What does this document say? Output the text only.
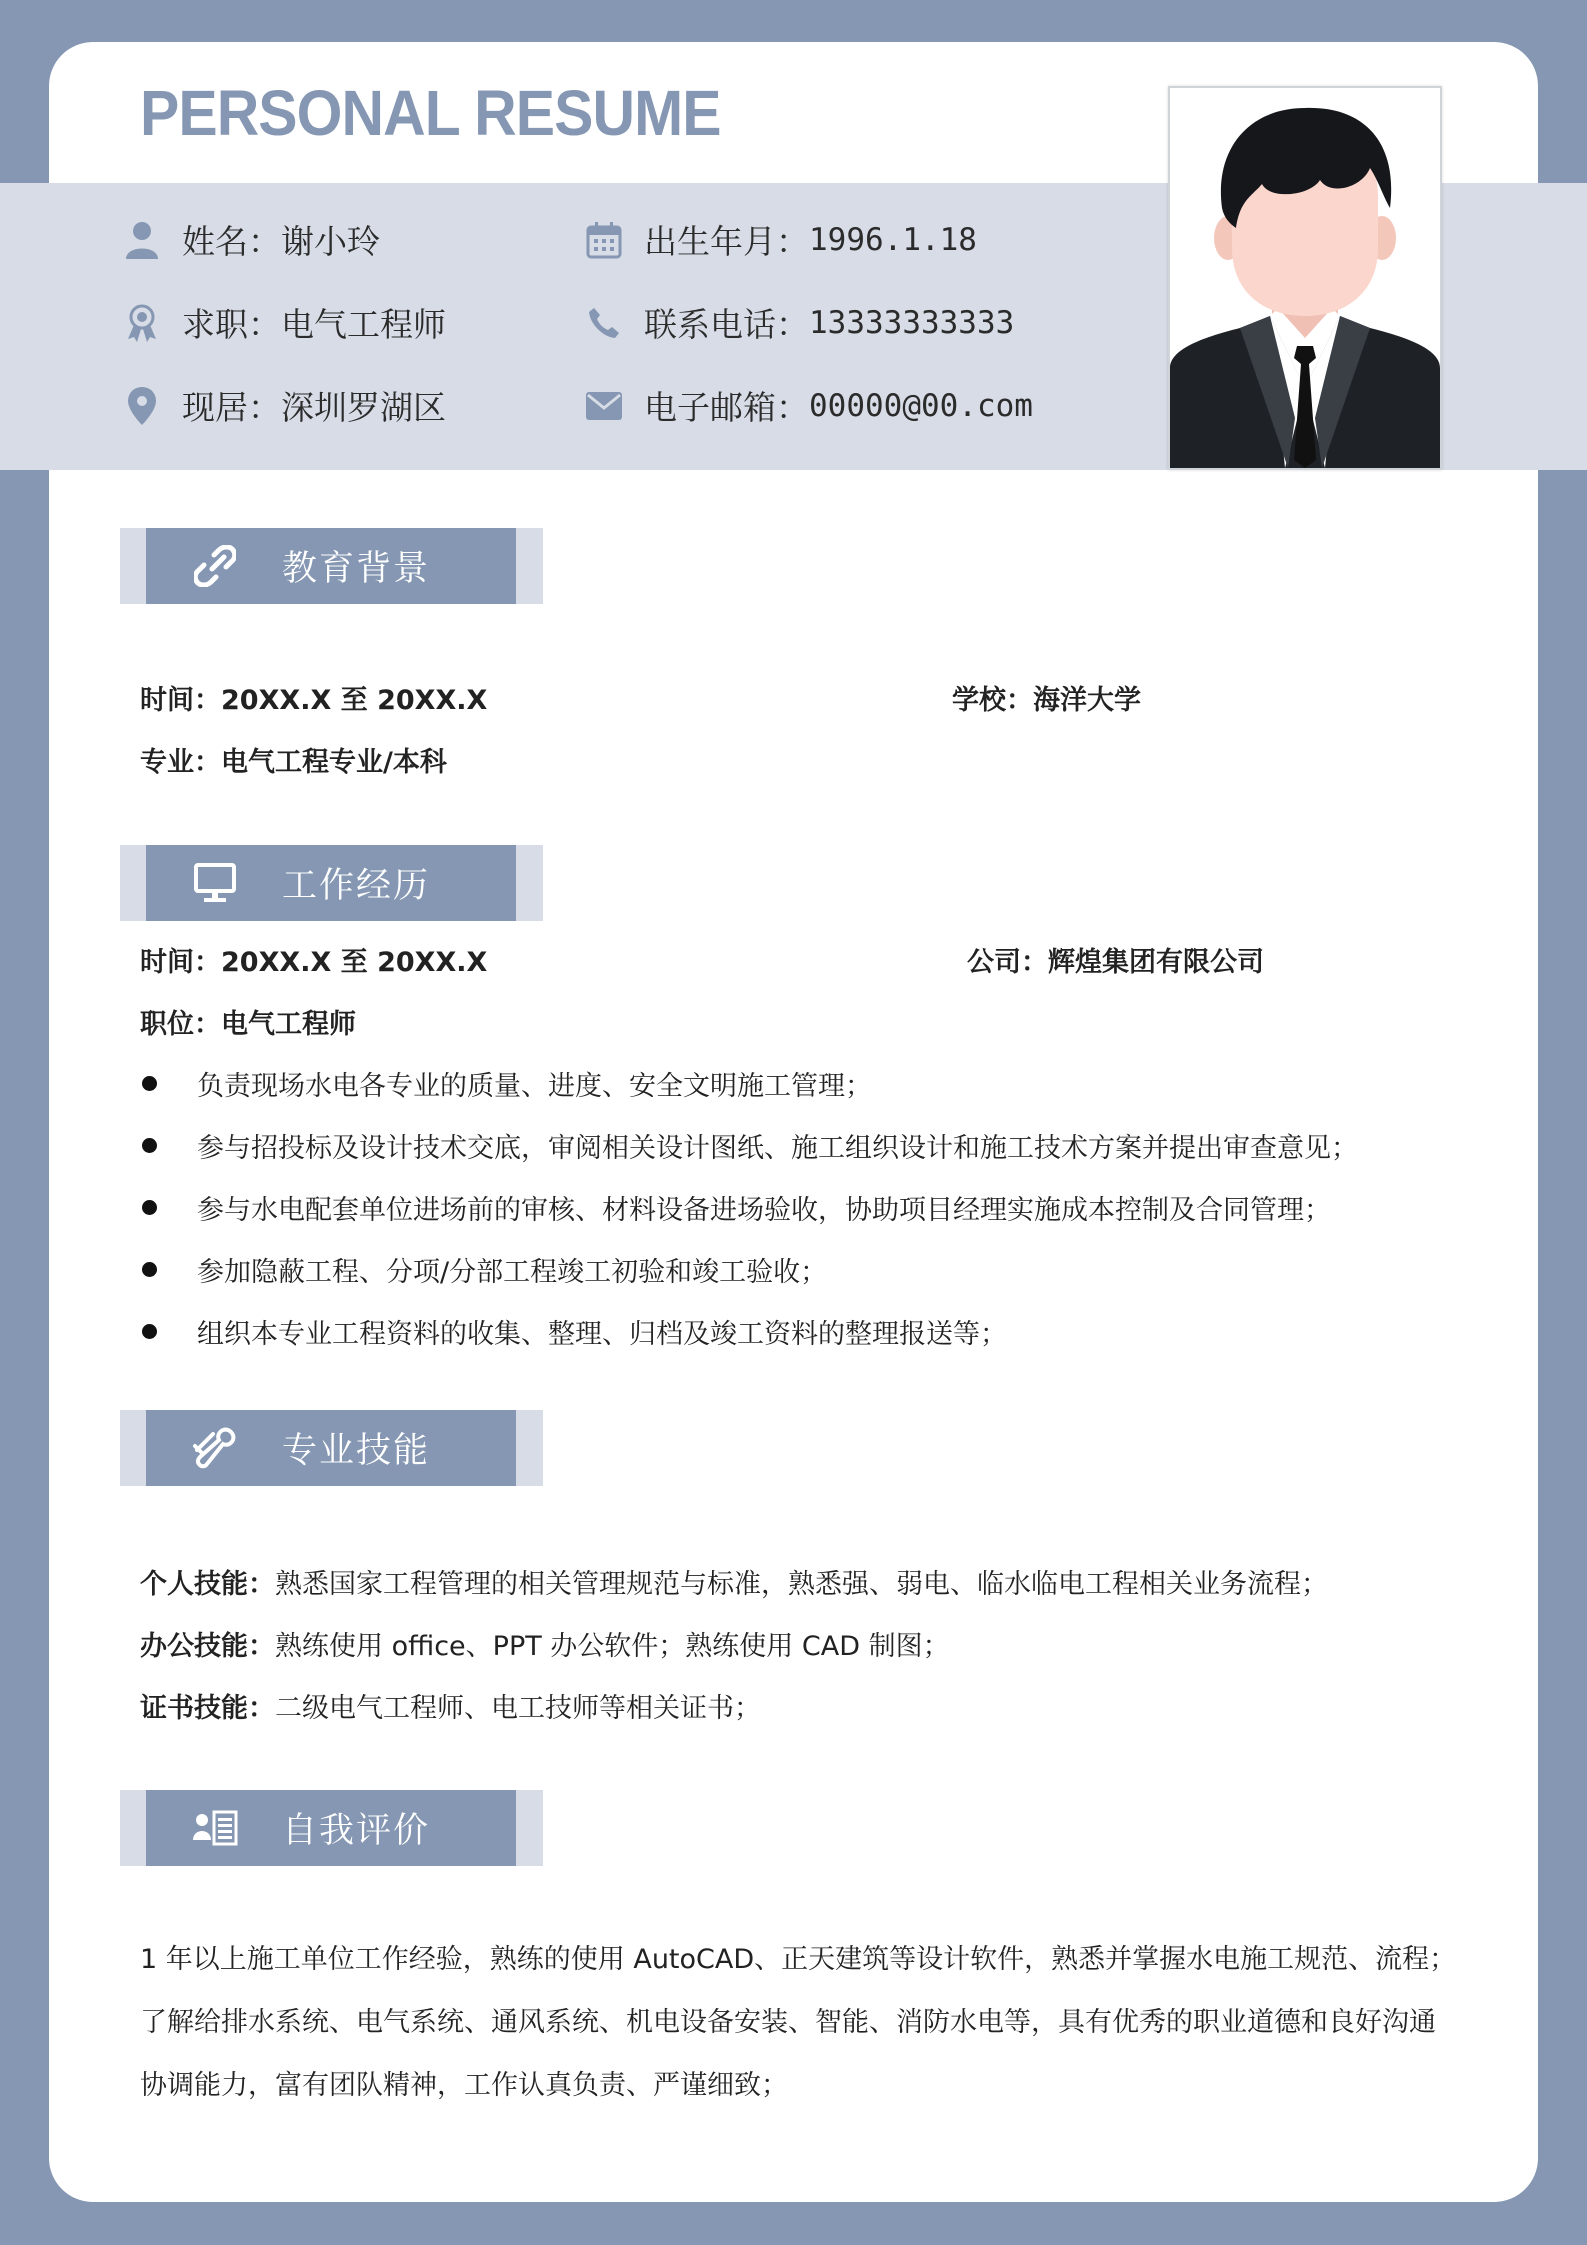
PERSONAL RESUME
姓名： 谢小玲	出生年月： 1996.1.18
求职： 电气工程师	联系电话： 13333333333
现居： 深圳罗湖区	电子邮箱： 00000@00.com
教育背景
时间：20XX.X 至 20XX.X	学校：海洋大学
专业：电气工程专业/本科
工作经历
时间：20XX.X 至 20XX.X	公司：辉煌集团有限公司
职位：电气工程师
负责现场水电各专业的质量、进度、安全文明施工管理；
参与招投标及设计技术交底，审阅相关设计图纸、施工组织设计和施工技术方案并提出审查意见；
参与水电配套单位进场前的审核、材料设备进场验收，协助项目经理实施成本控制及合同管理；
参加隐蔽工程、分项/分部工程竣工初验和竣工验收；
组织本专业工程资料的收集、整理、归档及竣工资料的整理报送等；
专业技能
个人技能：熟悉国家工程管理的相关管理规范与标准，熟悉强、弱电、临水临电工程相关业务流程；
办公技能：熟练使用 office、PPT 办公软件；熟练使用 CAD 制图；
证书技能：二级电气工程师、电工技师等相关证书；
自我评价
1 年以上施工单位工作经验，熟练的使用 AutoCAD、正天建筑等设计软件，熟悉并掌握水电施工规范、流程；了解给排水系统、电气系统、通风系统、机电设备安装、智能、消防水电等，具有优秀的职业道德和良好沟通协调能力，富有团队精神，工作认真负责、严谨细致；
